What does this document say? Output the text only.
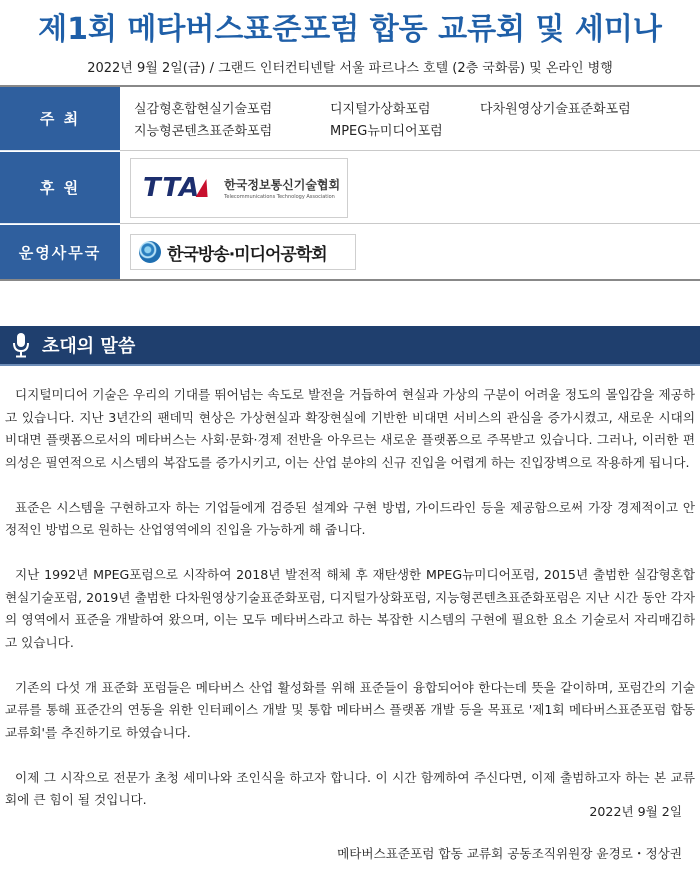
제1회 메타버스표준포럼 합동 교류회 및 세미나
2022년 9월 2일(금) / 그랜드 인터컨티넨탈 서울 파르나스 호텔 (2층 국화룸) 및 온라인 병행
주 최
실감형혼합현실기술포럼	디지털가상화포럼	다차원영상기술표준화포럼
지능형콘텐츠표준화포럼	MPEG뉴미디어포럼
후 원	TTA 한국정보통신기술협회
Telecommunications Technology Association
운영사무국	한국방송·미디어공학회
초대의 말씀

디지털미디어 기술은 우리의 기대를 뛰어넘는 속도로 발전을 거듭하여 현실과 가상의 구분이 어려울 정도의 몰입감을 제공하고 있습니다. 지난 3년간의 팬데믹 현상은 가상현실과 확장현실에 기반한 비대면 서비스의 관심을 증가시켰고, 새로운 시대의 비대면 플랫폼으로서의 메타버스는 사회·문화·경제 전반을 아우르는 새로운 플랫폼으로 주목받고 있습니다. 그러나, 이러한 편의성은 필연적으로 시스템의 복잡도를 증가시키고, 이는 산업 분야의 신규 진입을 어렵게 하는 진입장벽으로 작용하게 됩니다.

표준은 시스템을 구현하고자 하는 기업들에게 검증된 설계와 구현 방법, 가이드라인 등을 제공함으로써 가장 경제적이고 안정적인 방법으로 원하는 산업영역에의 진입을 가능하게 해 줍니다.

지난 1992년 MPEG포럼으로 시작하여 2018년 발전적 해체 후 재탄생한 MPEG뉴미디어포럼, 2015년 출범한 실감형혼합현실기술포럼, 2019년 출범한 다차원영상기술표준화포럼, 디지털가상화포럼, 지능형콘텐츠표준화포럼은 지난 시간 동안 각자의 영역에서 표준을 개발하여 왔으며, 이는 모두 메타버스라고 하는 복잡한 시스템의 구현에 필요한 요소 기술로서 자리매김하고 있습니다.

기존의 다섯 개 표준화 포럼들은 메타버스 산업 활성화를 위해 표준들이 융합되어야 한다는데 뜻을 같이하며, 포럼간의 기술 교류를 통해 표준간의 연동을 위한 인터페이스 개발 및 통합 메타버스 플랫폼 개발 등을 목표로 '제1회 메타버스표준포럼 합동 교류회'를 추진하기로 하였습니다.

이제 그 시작으로 전문가 초청 세미나와 조인식을 하고자 합니다. 이 시간 함께하여 주신다면, 이제 출범하고자 하는 본 교류회에 큰 힘이 될 것입니다.

2022년 9월 2일
메타버스표준포럼 합동 교류회 공동조직위원장 윤경로・정상권
